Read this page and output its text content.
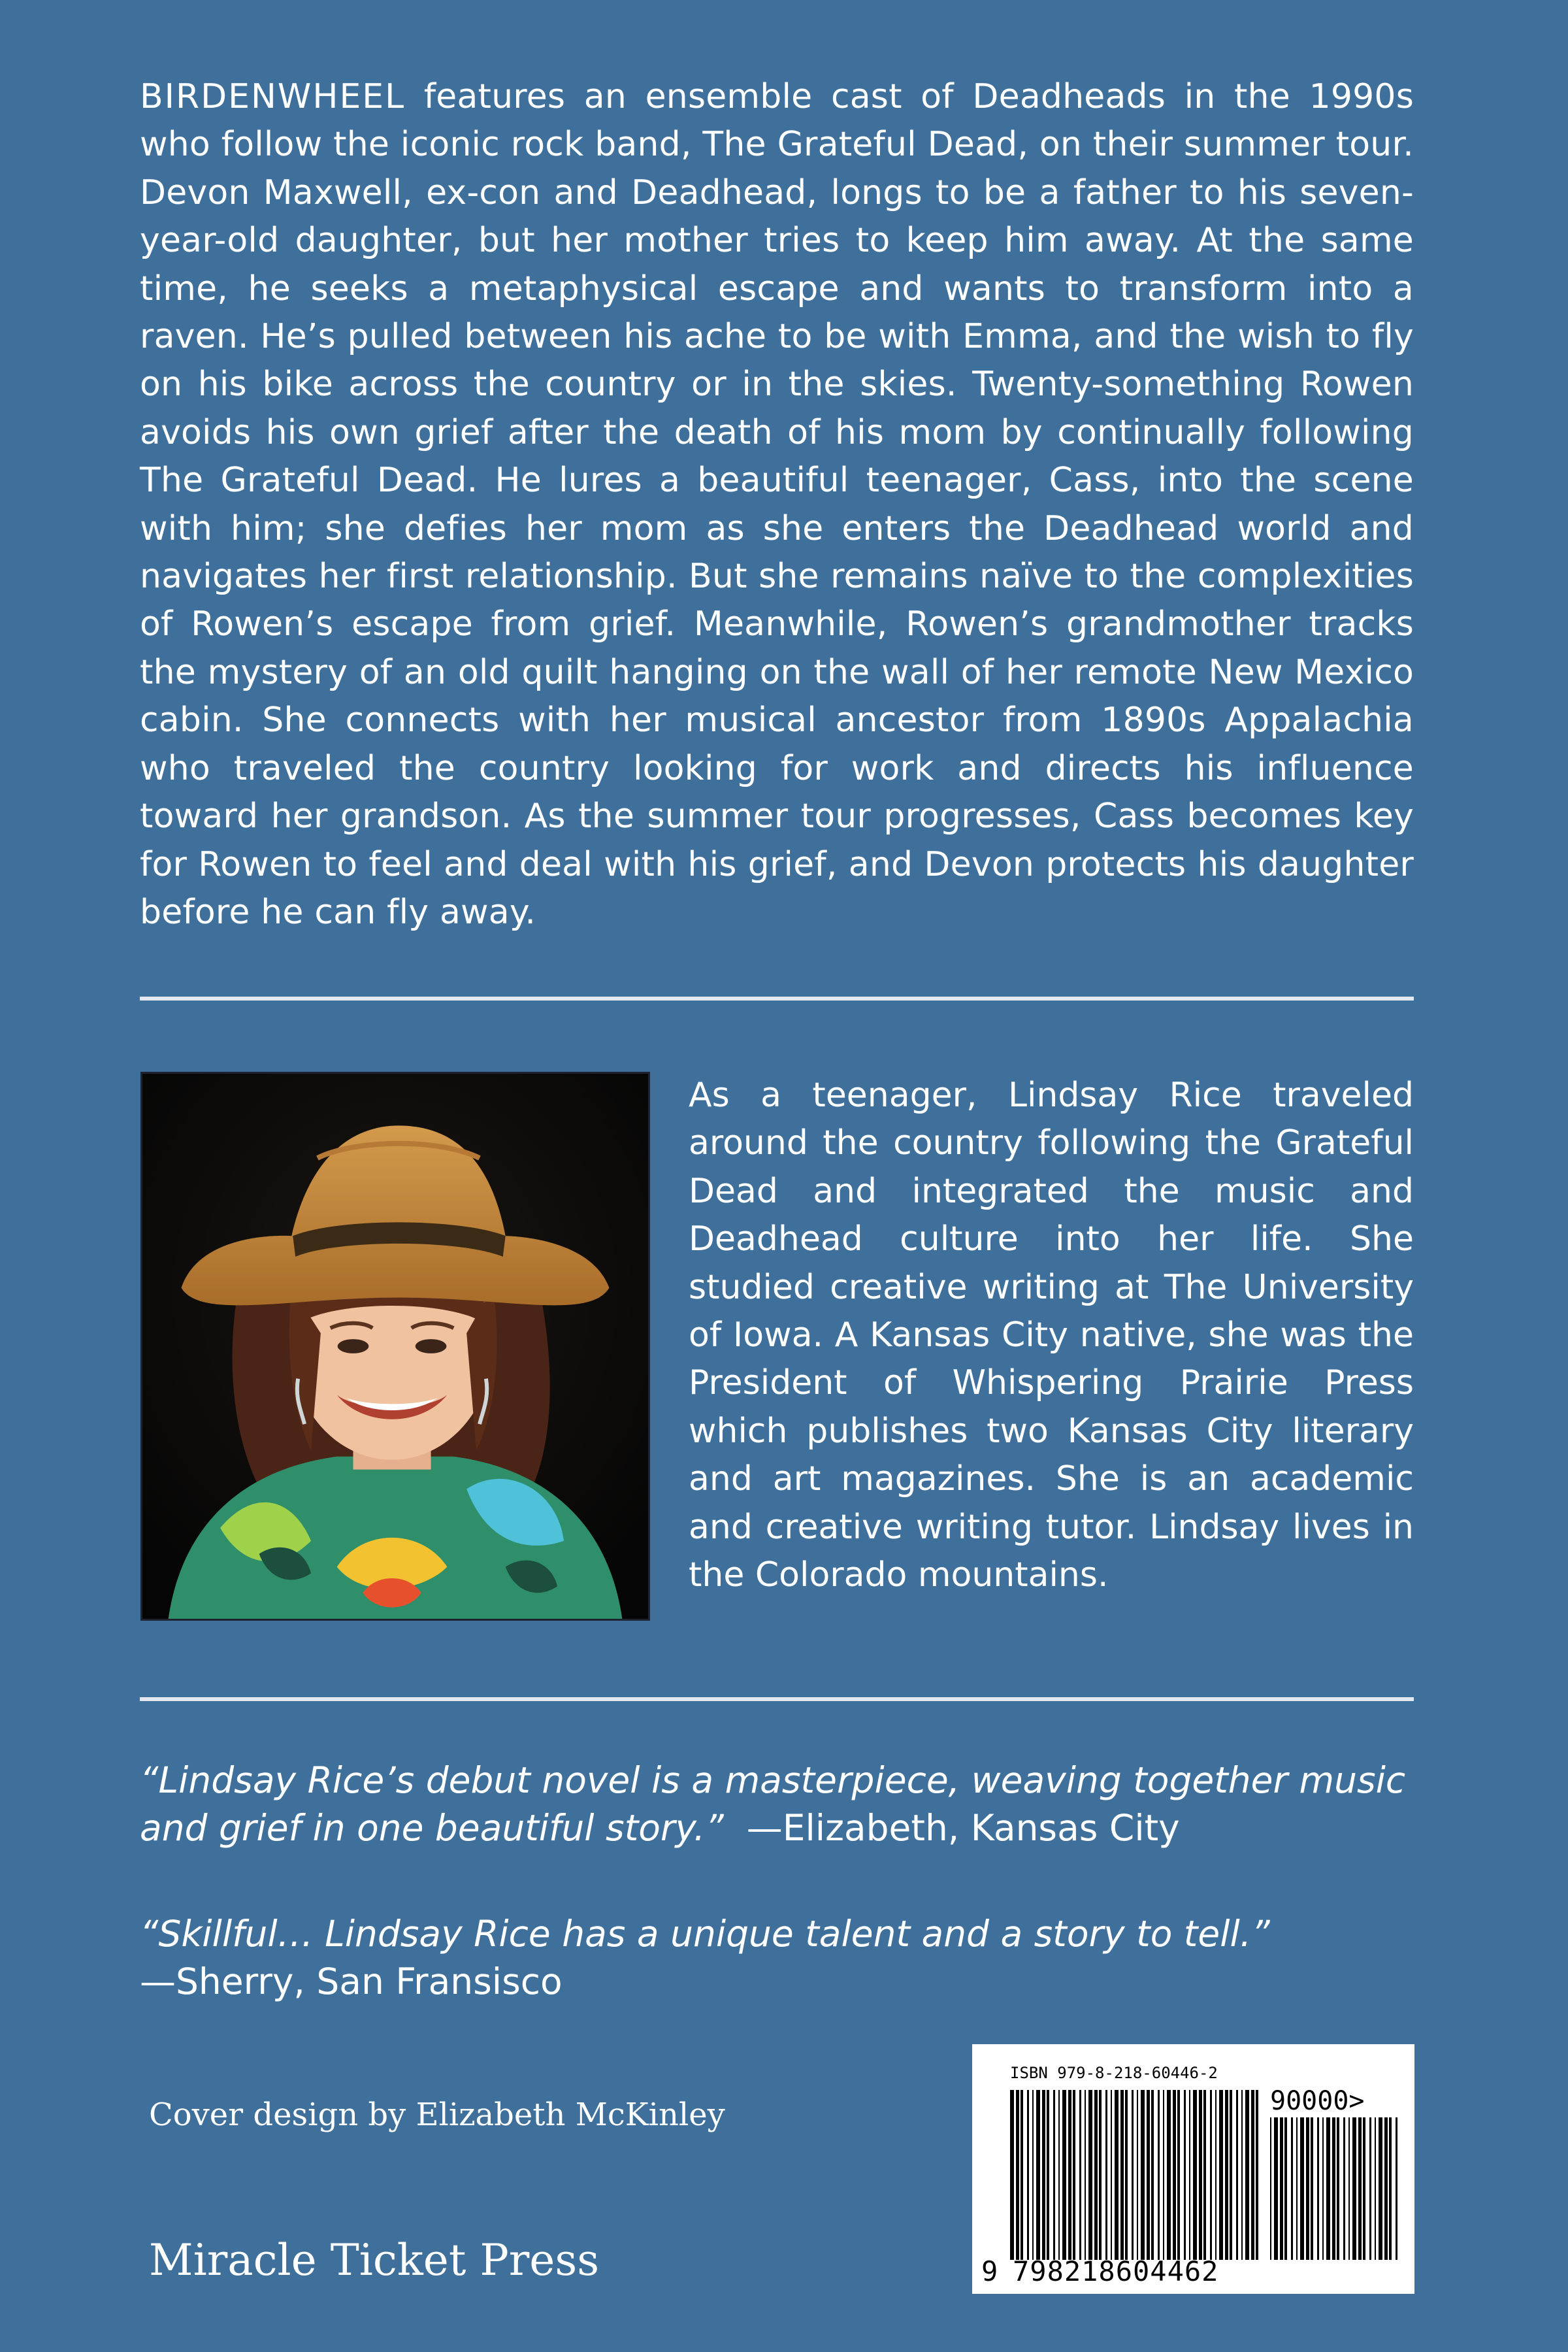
BIRDENWHEEL features an ensemble cast of Deadheads in the 1990s who follow the iconic rock band, The Grateful Dead, on their summer tour. Devon Maxwell, ex-con and Deadhead, longs to be a father to his seven-year-old daughter, but her mother tries to keep him away. At the same time, he seeks a metaphysical escape and wants to transform into a raven. He’s pulled between his ache to be with Emma, and the wish to fly on his bike across the country or in the skies. Twenty-something Rowen avoids his own grief after the death of his mom by continually following The Grateful Dead. He lures a beautiful teenager, Cass, into the scene with him; she defies her mom as she enters the Deadhead world and navigates her first relationship. But she remains naïve to the complexities of Rowen’s escape from grief. Meanwhile, Rowen’s grandmother tracks the mystery of an old quilt hanging on the wall of her remote New Mexico cabin. She connects with her musical ancestor from 1890s Appalachia who traveled the country looking for work and directs his influence toward her grandson. As the summer tour progresses, Cass becomes key for Rowen to feel and deal with his grief, and Devon protects his daughter before he can fly away.

As a teenager, Lindsay Rice traveled around the country following the Grateful Dead and integrated the music and Deadhead culture into her life. She studied creative writing at The University of Iowa. A Kansas City native, she was the President of Whispering Prairie Press which publishes two Kansas City literary and art magazines. She is an academic and creative writing tutor. Lindsay lives in the Colorado mountains.

“Lindsay Rice’s debut novel is a masterpiece, weaving together music and grief in one beautiful story.” —Elizabeth, Kansas City

“Skillful… Lindsay Rice has a unique talent and a story to tell.”
—Sherry, San Fransisco

Cover design by Elizabeth McKinley

Miracle Ticket Press

ISBN 979-8-218-60446-2
90000>
9 798218604462
